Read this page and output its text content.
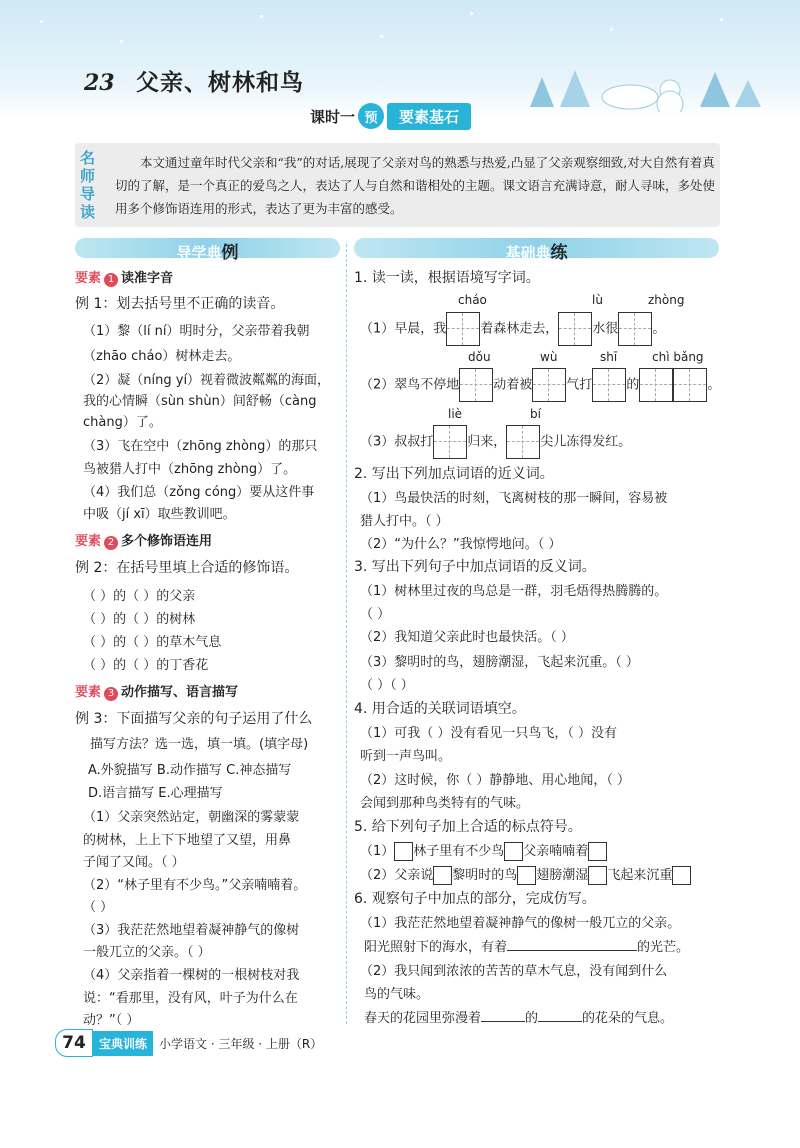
23 父亲、树林和鸟
课时一 预	要素基石
名师导读
本文通过童年时代父亲和“我”的对话,展现了父亲对鸟的熟悉与热爱,凸显了父亲观察细致,对大自然有着真切的了解，是一个真正的爱鸟之人，表达了人与自然和谐相处的主题。课文语言充满诗意，耐人寻味，多处使用多个修饰语连用的形式，表达了更为丰富的感受。
导学典例	基础典练
要素 1 读准字音
例 1：划去括号里不正确的读音。
（1）黎（lí ní）明时分，父亲带着我朝
（zhāo cháo）树林走去。
（2）凝（níng yí）视着微波粼粼的海面，
我的心情瞬（sùn shùn）间舒畅（càng
chàng）了。
（3）飞在空中（zhōng zhòng）的那只
鸟被猎人打中（zhōng zhòng）了。
（4）我们总（zǒng cóng）要从这件事
中吸（jí xī）取些教训吧。
要素 2 多个修饰语连用
例 2：在括号里填上合适的修饰语。
（ ）的（ ）的父亲
（ ）的（ ）的树林
（ ）的（ ）的草木气息
（ ）的（ ）的丁香花
要素 3 动作描写、语言描写
例 3：下面描写父亲的句子运用了什么
描写方法？选一选，填一填。(填字母)
A.外貌描写 B.动作描写 C.神态描写
D.语言描写 E.心理描写
（1）父亲突然站定，朝幽深的雾蒙蒙
的树林，上上下下地望了又望，用鼻
子闻了又闻。（ ）
（2）“林子里有不少鸟。”父亲喃喃着。
（ ）
（3）我茫茫然地望着凝神静气的像树
一般兀立的父亲。（ ）
（4）父亲指着一棵树的一根树枝对我
说：“看那里，没有风，叶子为什么在
动？”（ ）
1. 读一读，根据语境写字词。
cháo	lù	zhòng
（1）早晨，我	着森林走去，	水很	。
dǒu	wù	shī	chì bǎng
（2）翠鸟不停地	动着被	气打	的	。
liè	bí
（3）叔叔打	归来，	尖儿冻得发红。
2. 写出下列加点词语的近义词。
（1）鸟最快活的时刻，飞离树枝的那一瞬间，容易被
猎人打中。（ ）
（2）“为什么？”我惊愕地问。（ ）
3. 写出下列句子中加点词语的反义词。
（1）树林里过夜的鸟总是一群，羽毛焐得热腾腾的。
（ ）
（2）我知道父亲此时也最快活。（ ）
（3）黎明时的鸟，翅膀潮湿，飞起来沉重。（ ）
（ ）（ ）
4. 用合适的关联词语填空。
（1）可我（ ）没有看见一只鸟飞，（ ）没有
听到一声鸟叫。
（2）这时候，你（ ）静静地、用心地闻，（ ）
会闻到那种鸟类特有的气味。
5. 给下列句子加上合适的标点符号。
（1） 林子里有不少鸟 父亲喃喃着
（2）父亲说 黎明时的鸟 翅膀潮湿 飞起来沉重
6. 观察句子中加点的部分，完成仿写。
（1）我茫茫然地望着凝神静气的像树一般兀立的父亲。
阳光照射下的海水，有着	的光芒。
（2）我只闻到浓浓的苦苦的草木气息，没有闻到什么
鸟的气味。
春天的花园里弥漫着	的	的花朵的气息。
74	宝典训练	小学语文 · 三年级 · 上册（R）
